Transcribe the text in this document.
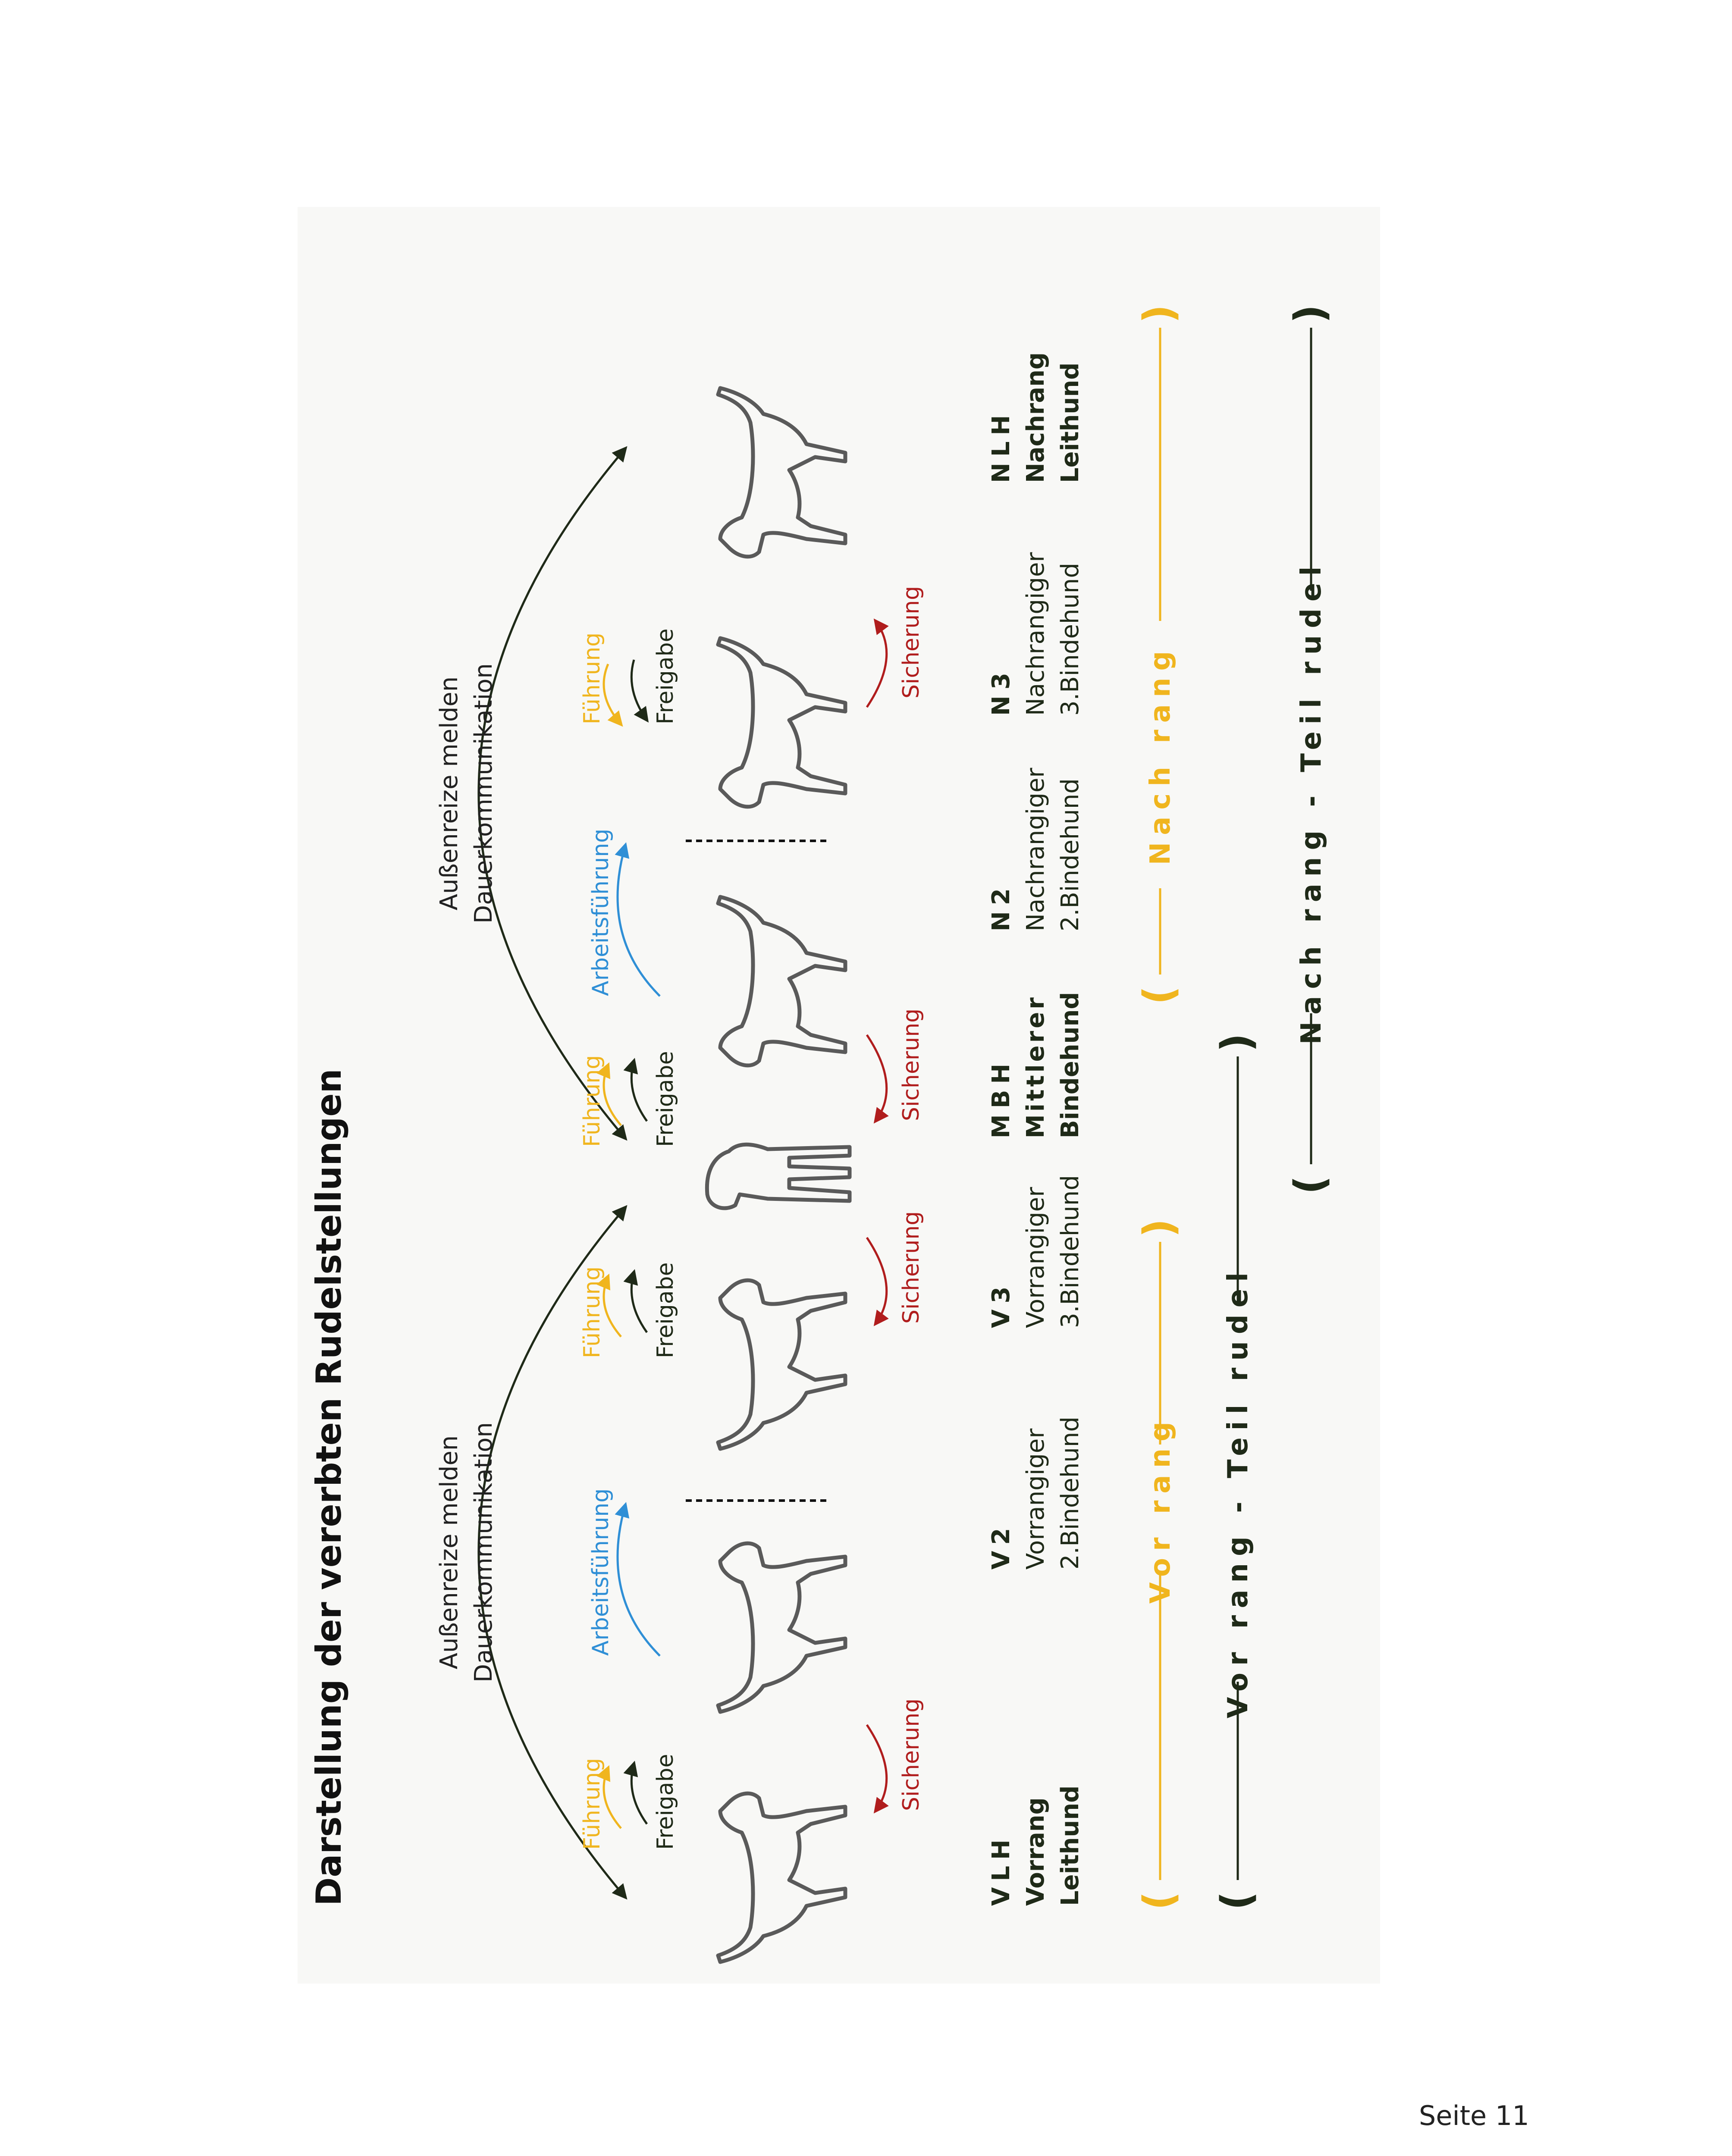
Darstellung der vererbten Rudelstellungen	Außenreize melden Dauerkommunikation
Außenreize melden Dauerkommunikation
Führung Freigabe
Führung Freigabe
Führung Freigabe
Führung Freigabe
Arbeitsführung
Arbeitsführung
Sicherung
Sicherung
Sicherung
Sicherung
VLH Vorrang Leithund
V2 Vorrangiger 2.Bindehund
V3 Vorrangiger 3.Bindehund
MBH Mittlerer Bindehund
N2 Nachrangiger 2.Bindehund
N3 Nachrangiger 3.Bindehund
NLH Nachrang Leithund
(
Vor rang
)
(
Nach rang
)
(
Vor rang - Teil rudel
)
(
Nach rang - Teil rudel
)
Seite 11
